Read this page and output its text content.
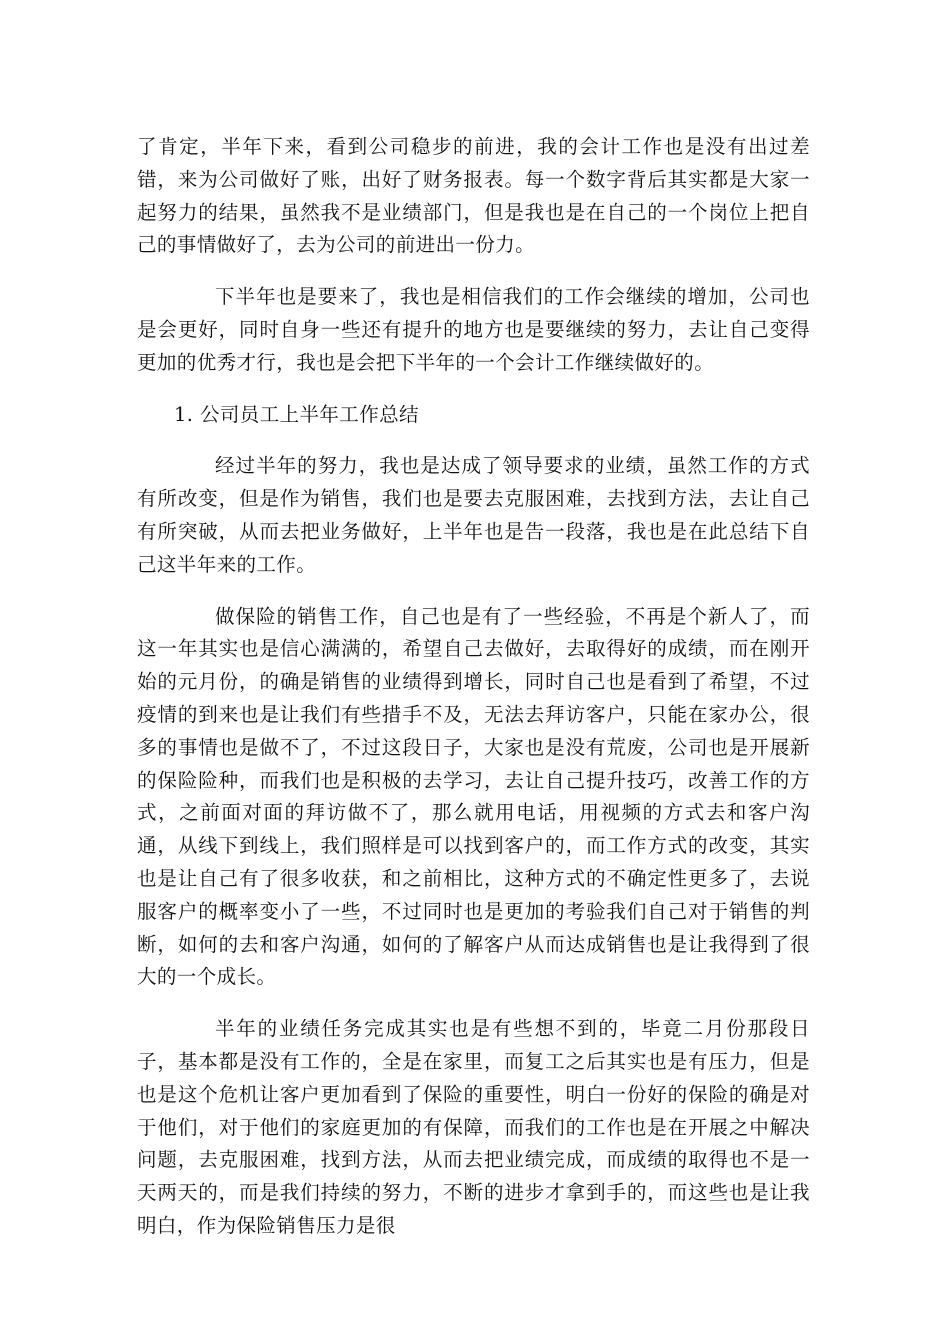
了肯定，半年下来，看到公司稳步的前进，我的会计工作也是没有出过差错，来为公司做好了账，出好了财务报表。每一个数字背后其实都是大家一起努力的结果，虽然我不是业绩部门，但是我也是在自己的一个岗位上把自己的事情做好了，去为公司的前进出一份力。

下半年也是要来了，我也是相信我们的工作会继续的增加，公司也是会更好，同时自身一些还有提升的地方也是要继续的努力，去让自己变得更加的优秀才行，我也是会把下半年的一个会计工作继续做好的。

1. 公司员工上半年工作总结

经过半年的努力，我也是达成了领导要求的业绩，虽然工作的方式有所改变，但是作为销售，我们也是要去克服困难，去找到方法，去让自己有所突破，从而去把业务做好，上半年也是告一段落，我也是在此总结下自己这半年来的工作。

做保险的销售工作，自己也是有了一些经验，不再是个新人了，而这一年其实也是信心满满的，希望自己去做好，去取得好的成绩，而在刚开始的元月份，的确是销售的业绩得到增长，同时自己也是看到了希望，不过疫情的到来也是让我们有些措手不及，无法去拜访客户，只能在家办公，很多的事情也是做不了，不过这段日子，大家也是没有荒废，公司也是开展新的保险险种，而我们也是积极的去学习，去让自己提升技巧，改善工作的方式，之前面对面的拜访做不了，那么就用电话，用视频的方式去和客户沟通，从线下到线上，我们照样是可以找到客户的，而工作方式的改变，其实也是让自己有了很多收获，和之前相比，这种方式的不确定性更多了，去说服客户的概率变小了一些，不过同时也是更加的考验我们自己对于销售的判断，如何的去和客户沟通，如何的了解客户从而达成销售也是让我得到了很大的一个成长。

半年的业绩任务完成其实也是有些想不到的，毕竟二月份那段日子，基本都是没有工作的，全是在家里，而复工之后其实也是有压力，但是也是这个危机让客户更加看到了保险的重要性，明白一份好的保险的确是对于他们，对于他们的家庭更加的有保障，而我们的工作也是在开展之中解决问题，去克服困难，找到方法，从而去把业绩完成，而成绩的取得也不是一天两天的，而是我们持续的努力，不断的进步才拿到手的，而这些也是让我明白，作为保险销售压力是很
